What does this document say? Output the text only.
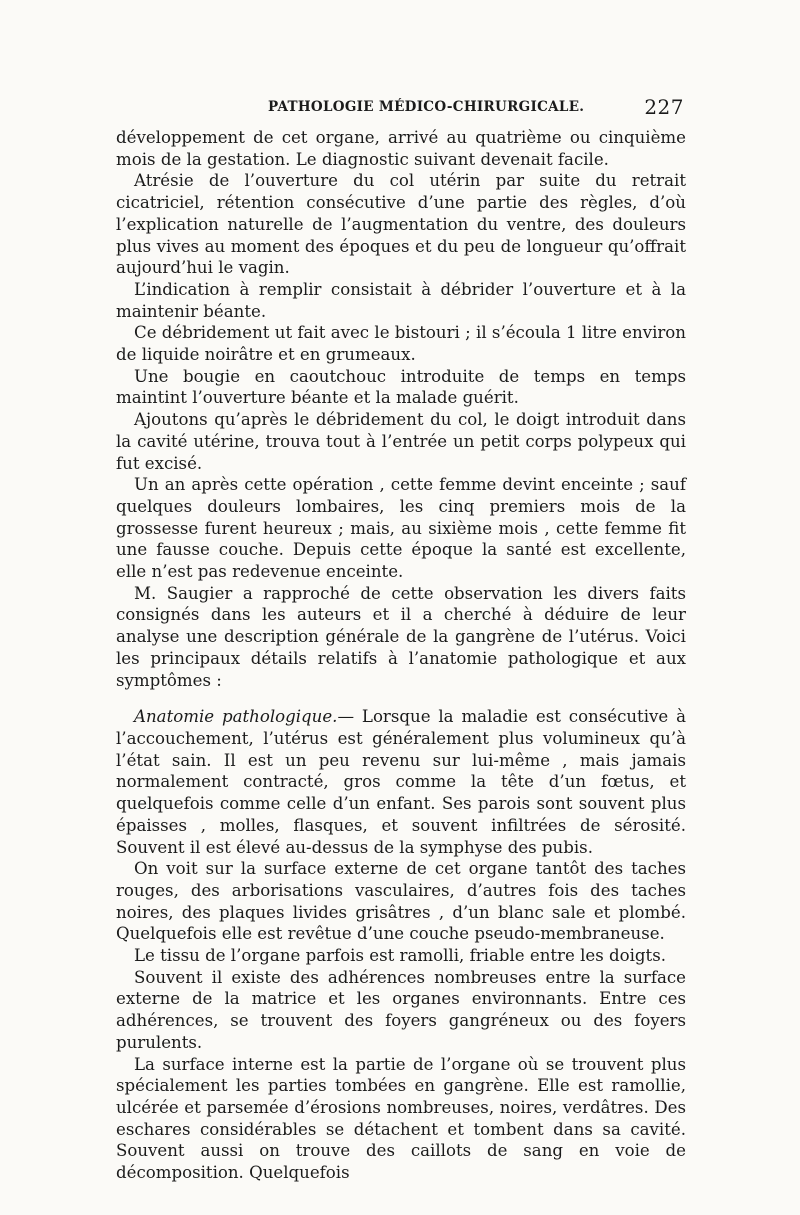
PATHOLOGIE MÉDICO-CHIRURGICALE.	227

développement de cet organe, arrivé au quatrième ou cinquième mois de la gestation. Le diagnostic suivant devenait facile.

Atrésie de l’ouverture du col utérin par suite du retrait cicatriciel, rétention consécutive d’une partie des règles, d’où l’explication naturelle de l’augmentation du ventre, des douleurs plus vives au moment des époques et du peu de longueur qu’offrait aujourd’hui le vagin.

L’indication à remplir consistait à débrider l’ouverture et à la maintenir béante.

Ce débridement ut fait avec le bistouri ; il s’écoula 1 litre environ de liquide noirâtre et en grumeaux.

Une bougie en caoutchouc introduite de temps en temps maintint l’ouverture béante et la malade guérit.

Ajoutons qu’après le débridement du col, le doigt introduit dans la cavité utérine, trouva tout à l’entrée un petit corps polypeux qui fut excisé.

Un an après cette opération , cette femme devint enceinte ; sauf quelques douleurs lombaires, les cinq premiers mois de la grossesse furent heureux ; mais, au sixième mois , cette femme fit une fausse couche. Depuis cette époque la santé est excellente, elle n’est pas redevenue enceinte.

M. Saugier a rapproché de cette observation les divers faits consignés dans les auteurs et il a cherché à déduire de leur analyse une description générale de la gangrène de l’utérus. Voici les principaux détails relatifs à l’anatomie pathologique et aux symptômes :

Anatomie pathologique.— Lorsque la maladie est consécutive à l’accouchement, l’utérus est généralement plus volumineux qu’à l’état sain. Il est un peu revenu sur lui-même , mais jamais normalement contracté, gros comme la tête d’un fœtus, et quelquefois comme celle d’un enfant. Ses parois sont souvent plus épaisses , molles, flasques, et souvent infiltrées de sérosité. Souvent il est élevé au-dessus de la symphyse des pubis.

On voit sur la surface externe de cet organe tantôt des taches rouges, des arborisations vasculaires, d’autres fois des taches noires, des plaques livides grisâtres , d’un blanc sale et plombé. Quelquefois elle est revêtue d’une couche pseudo-membraneuse.

Le tissu de l’organe parfois est ramolli, friable entre les doigts.

Souvent il existe des adhérences nombreuses entre la surface externe de la matrice et les organes environnants. Entre ces adhérences, se trouvent des foyers gangréneux ou des foyers purulents.

La surface interne est la partie de l’organe où se trouvent plus spécialement les parties tombées en gangrène. Elle est ramollie, ulcérée et parsemée d’érosions nombreuses, noires, verdâtres. Des eschares considérables se détachent et tombent dans sa cavité. Souvent aussi on trouve des caillots de sang en voie de décomposition. Quelquefois
